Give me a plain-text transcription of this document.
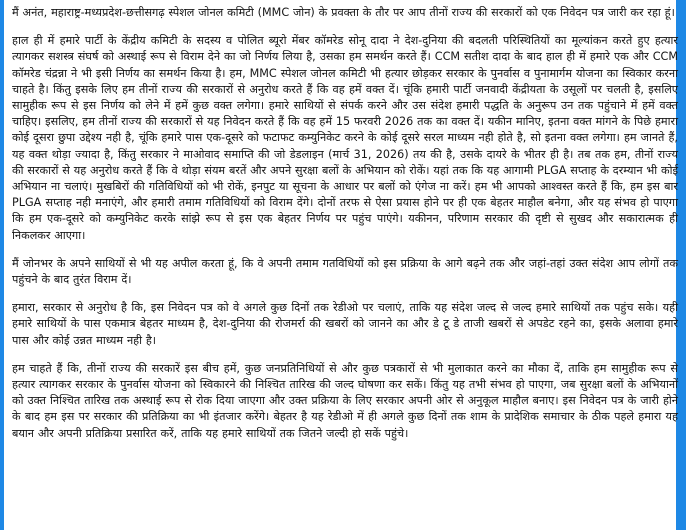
मैं अनंत, महाराष्ट्र-मध्यप्रदेश-छत्तीसगढ़ स्पेशल जोनल कमिटी (MMC जोन) के प्रवक्ता के तौर पर आप तीनों राज्य की सरकारों को एक निवेदन पत्र जारी कर रहा हूं।

हाल ही में हमारे पार्टी के केंद्रीय कमिटी के सदस्य व पोलित ब्यूरो मेंबर कॉमरेड सोनू दादा ने देश-दुनिया की बदलती परिस्थितियों का मूल्यांकन करते हुए हत्यार त्यागकर सशस्त्र संघर्ष को अस्थाई रूप से विराम देने का जो निर्णय लिया है, उसका हम समर्थन करते हैं। CCM सतीश दादा के बाद हाल ही में हमारे एक और CCM कॉमरेड चंद्रन्ना ने भी इसी निर्णय का समर्थन किया है। हम, MMC स्पेशल जोनल कमिटी भी हत्यार छोड़कर सरकार के पुनर्वास व पुनामार्गम योजना का स्विकार करना चाहते है। किंतु इसके लिए हम तीनों राज्य की सरकारों से अनुरोध करते हैं कि वह हमें वक्त दें। चूंकि हमारी पार्टी जनवादी केंद्रीयता के उसूलों पर चलती है, इसलिए सामुहीक रूप से इस निर्णय को लेने में हमें कुछ वक्त लगेगा। हमारे साथियों से संपर्क करने और उस संदेश हमारी पद्धति के अनुरूप उन तक पहुंचाने में हमें वक्त चाहिए। इसलिए, हम तीनों राज्य की सरकारों से यह निवेदन करते हैं कि वह हमें 15 फरवरी 2026 तक का वक्त दें। यकीन मानिए, इतना वक्त मांगने के पिछे हमारा कोई दूसरा छुपा उद्देश्य नही है, चूंकि हमारे पास एक-दूसरे को फटाफट कम्युनिकेट करने के कोई दूसरे सरल माध्यम नही होते है, सो इतना वक्त लगेगा। हम जानते हैं, यह वक्त थोड़ा ज्यादा है, किंतु सरकार ने माओवाद समाप्ति की जो डेडलाइन (मार्च 31, 2026) तय की है, उसके दायरे के भीतर ही है। तब तक हम, तीनों राज्य की सरकारों से यह अनुरोध करते हैं कि वे थोड़ा संयम बरतें और अपने सुरक्षा बलों के अभियान को रोकें। यहां तक कि यह आगामी PLGA सप्ताह के दरम्यान भी कोई अभियान ना चलाएं। मुखबिरों की गतिविधियों को भी रोकें, इनपुट या सूचना के आधार पर बलों को एंगेज ना करें। हम भी आपको आश्वस्त करते हैं कि, हम इस बार PLGA सप्ताह नही मनाएंगे, और हमारी तमाम गतिविधियों को विराम देंगे। दोनों तरफ से ऐसा प्रयास होने पर ही एक बेहतर माहौल बनेगा, और यह संभव हो पाएगा कि हम एक-दूसरे को कम्युनिकेट करके सांझे रूप से इस एक बेहतर निर्णय पर पहुंच पाएंगे। यकीनन, परिणाम सरकार की दृष्टी से सुखद और सकारात्मक ही निकलकर आएगा।

मैं जोनभर के अपने साथियों से भी यह अपील करता हूं, कि वे अपनी तमाम गतविधियों को इस प्रक्रिया के आगे बढ़ने तक और जहां-तहां उक्त संदेश आप लोगों तक पहुंचने के बाद तुरंत विराम दें।

हमारा, सरकार से अनुरोध है कि, इस निवेदन पत्र को वे अगले कुछ दिनों तक रेडीओ पर चलाएं, ताकि यह संदेश जल्द से जल्द हमारे साथियों तक पहुंच सके। यही हमारे साथियों के पास एकमात्र बेहतर माध्यम है, देश-दुनिया की रोजमर्रा की खबरों को जानने का और डे टू डे ताजी खबरों से अपडेट रहने का, इसके अलावा हमारे पास और कोई उन्नत माध्यम नही है।

हम चाहते हैं कि, तीनों राज्य की सरकारें इस बीच हमें, कुछ जनप्रतिनिधियों से और कुछ पत्रकारों से भी मुलाकात करने का मौका दें, ताकि हम सामुहीक रूप से हत्यार त्यागकर सरकार के पुनर्वास योजना को स्विकारने की निश्चित तारिख की जल्द घोषणा कर सकें। किंतु यह तभी संभव हो पाएगा, जब सुरक्षा बलों के अभियानों को उक्त निश्चित तारिख तक अस्थाई रूप से रोक दिया जाएगा और उक्त प्रक्रिया के लिए सरकार अपनी ओर से अनुकूल माहौल बनाए। इस निवेदन पत्र के जारी होने के बाद हम इस पर सरकार की प्रतिक्रिया का भी इंतजार करेंगे। बेहतर है यह रेडीओ में ही अगले कुछ दिनों तक शाम के प्रादेशिक समाचार के ठीक पहले हमारा यह बयान और अपनी प्रतिक्रिया प्रसारित करें, ताकि यह हमारे साथियों तक जितने जल्दी हो सकें पहुंचे।
